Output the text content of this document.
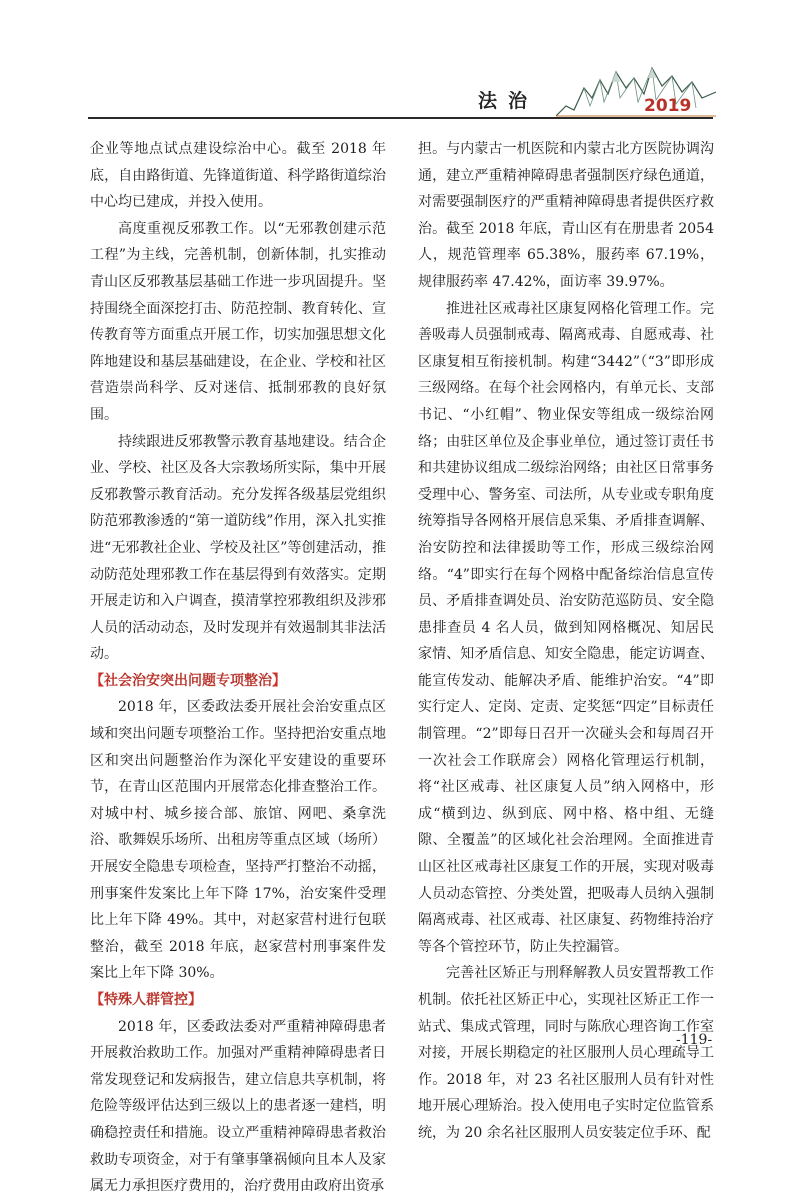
法治	2019

企业等地点试点建设综治中心。截至 2018 年底，自由路街道、先锋道街道、科学路街道综治中心均已建成，并投入使用。

高度重视反邪教工作。以“无邪教创建示范工程”为主线，完善机制，创新体制，扎实推动青山区反邪教基层基础工作进一步巩固提升。坚持围绕全面深挖打击、防范控制、教育转化、宣传教育等方面重点开展工作，切实加强思想文化阵地建设和基层基础建设，在企业、学校和社区营造崇尚科学、反对迷信、抵制邪教的良好氛围。

持续跟进反邪教警示教育基地建设。结合企业、学校、社区及各大宗教场所实际，集中开展反邪教警示教育活动。充分发挥各级基层党组织防范邪教渗透的“第一道防线”作用，深入扎实推进“无邪教社企业、学校及社区”等创建活动，推动防范处理邪教工作在基层得到有效落实。定期开展走访和入户调查，摸清掌控邪教组织及涉邪人员的活动动态，及时发现并有效遏制其非法活动。

【社会治安突出问题专项整治】

2018 年，区委政法委开展社会治安重点区域和突出问题专项整治工作。坚持把治安重点地区和突出问题整治作为深化平安建设的重要环节，在青山区范围内开展常态化排查整治工作。对城中村、城乡接合部、旅馆、网吧、桑拿洗浴、歌舞娱乐场所、出租房等重点区域（场所）开展安全隐患专项检查，坚持严打整治不动摇，刑事案件发案比上年下降 17%，治安案件受理比上年下降 49%。其中，对赵家营村进行包联整治，截至 2018 年底，赵家营村刑事案件发案比上年下降 30%。

【特殊人群管控】

2018 年，区委政法委对严重精神障碍患者开展救治救助工作。加强对严重精神障碍患者日常发现登记和发病报告，建立信息共享机制，将危险等级评估达到三级以上的患者逐一建档，明确稳控责任和措施。设立严重精神障碍患者救治救助专项资金，对于有肇事肇祸倾向且本人及家属无力承担医疗费用的，治疗费用由政府出资承

担。与内蒙古一机医院和内蒙古北方医院协调沟通，建立严重精神障碍患者强制医疗绿色通道，对需要强制医疗的严重精神障碍患者提供医疗救治。截至 2018 年底，青山区有在册患者 2054 人，规范管理率 65.38%，服药率 67.19%，规律服药率 47.42%，面访率 39.97%。

推进社区戒毒社区康复网格化管理工作。完善吸毒人员强制戒毒、隔离戒毒、自愿戒毒、社区康复相互衔接机制。构建“3442”（“3”即形成三级网络。在每个社会网格内，有单元长、支部书记、“小红帽”、物业保安等组成一级综治网络；由驻区单位及企事业单位，通过签订责任书和共建协议组成二级综治网络；由社区日常事务受理中心、警务室、司法所，从专业或专职角度统筹指导各网格开展信息采集、矛盾排查调解、治安防控和法律援助等工作，形成三级综治网络。“4”即实行在每个网格中配备综治信息宣传员、矛盾排查调处员、治安防范巡防员、安全隐患排查员 4 名人员，做到知网格概况、知居民家情、知矛盾信息、知安全隐患，能定访调查、能宣传发动、能解决矛盾、能维护治安。“4”即实行定人、定岗、定责、定奖惩“四定”目标责任制管理。“2”即每日召开一次碰头会和每周召开一次社会工作联席会）网格化管理运行机制，将“社区戒毒、社区康复人员”纳入网格中，形成“横到边、纵到底、网中格、格中组、无缝隙、全覆盖”的区域化社会治理网。全面推进青山区社区戒毒社区康复工作的开展，实现对吸毒人员动态管控、分类处置，把吸毒人员纳入强制隔离戒毒、社区戒毒、社区康复、药物维持治疗等各个管控环节，防止失控漏管。

完善社区矫正与刑释解教人员安置帮教工作机制。依托社区矫正中心，实现社区矫正工作一站式、集成式管理，同时与陈欣心理咨询工作室对接，开展长期稳定的社区服刑人员心理疏导工作。2018 年，对 23 名社区服刑人员有针对性地开展心理矫治。投入使用电子实时定位监管系统，为 20 余名社区服刑人员安装定位手环、配

-119-
